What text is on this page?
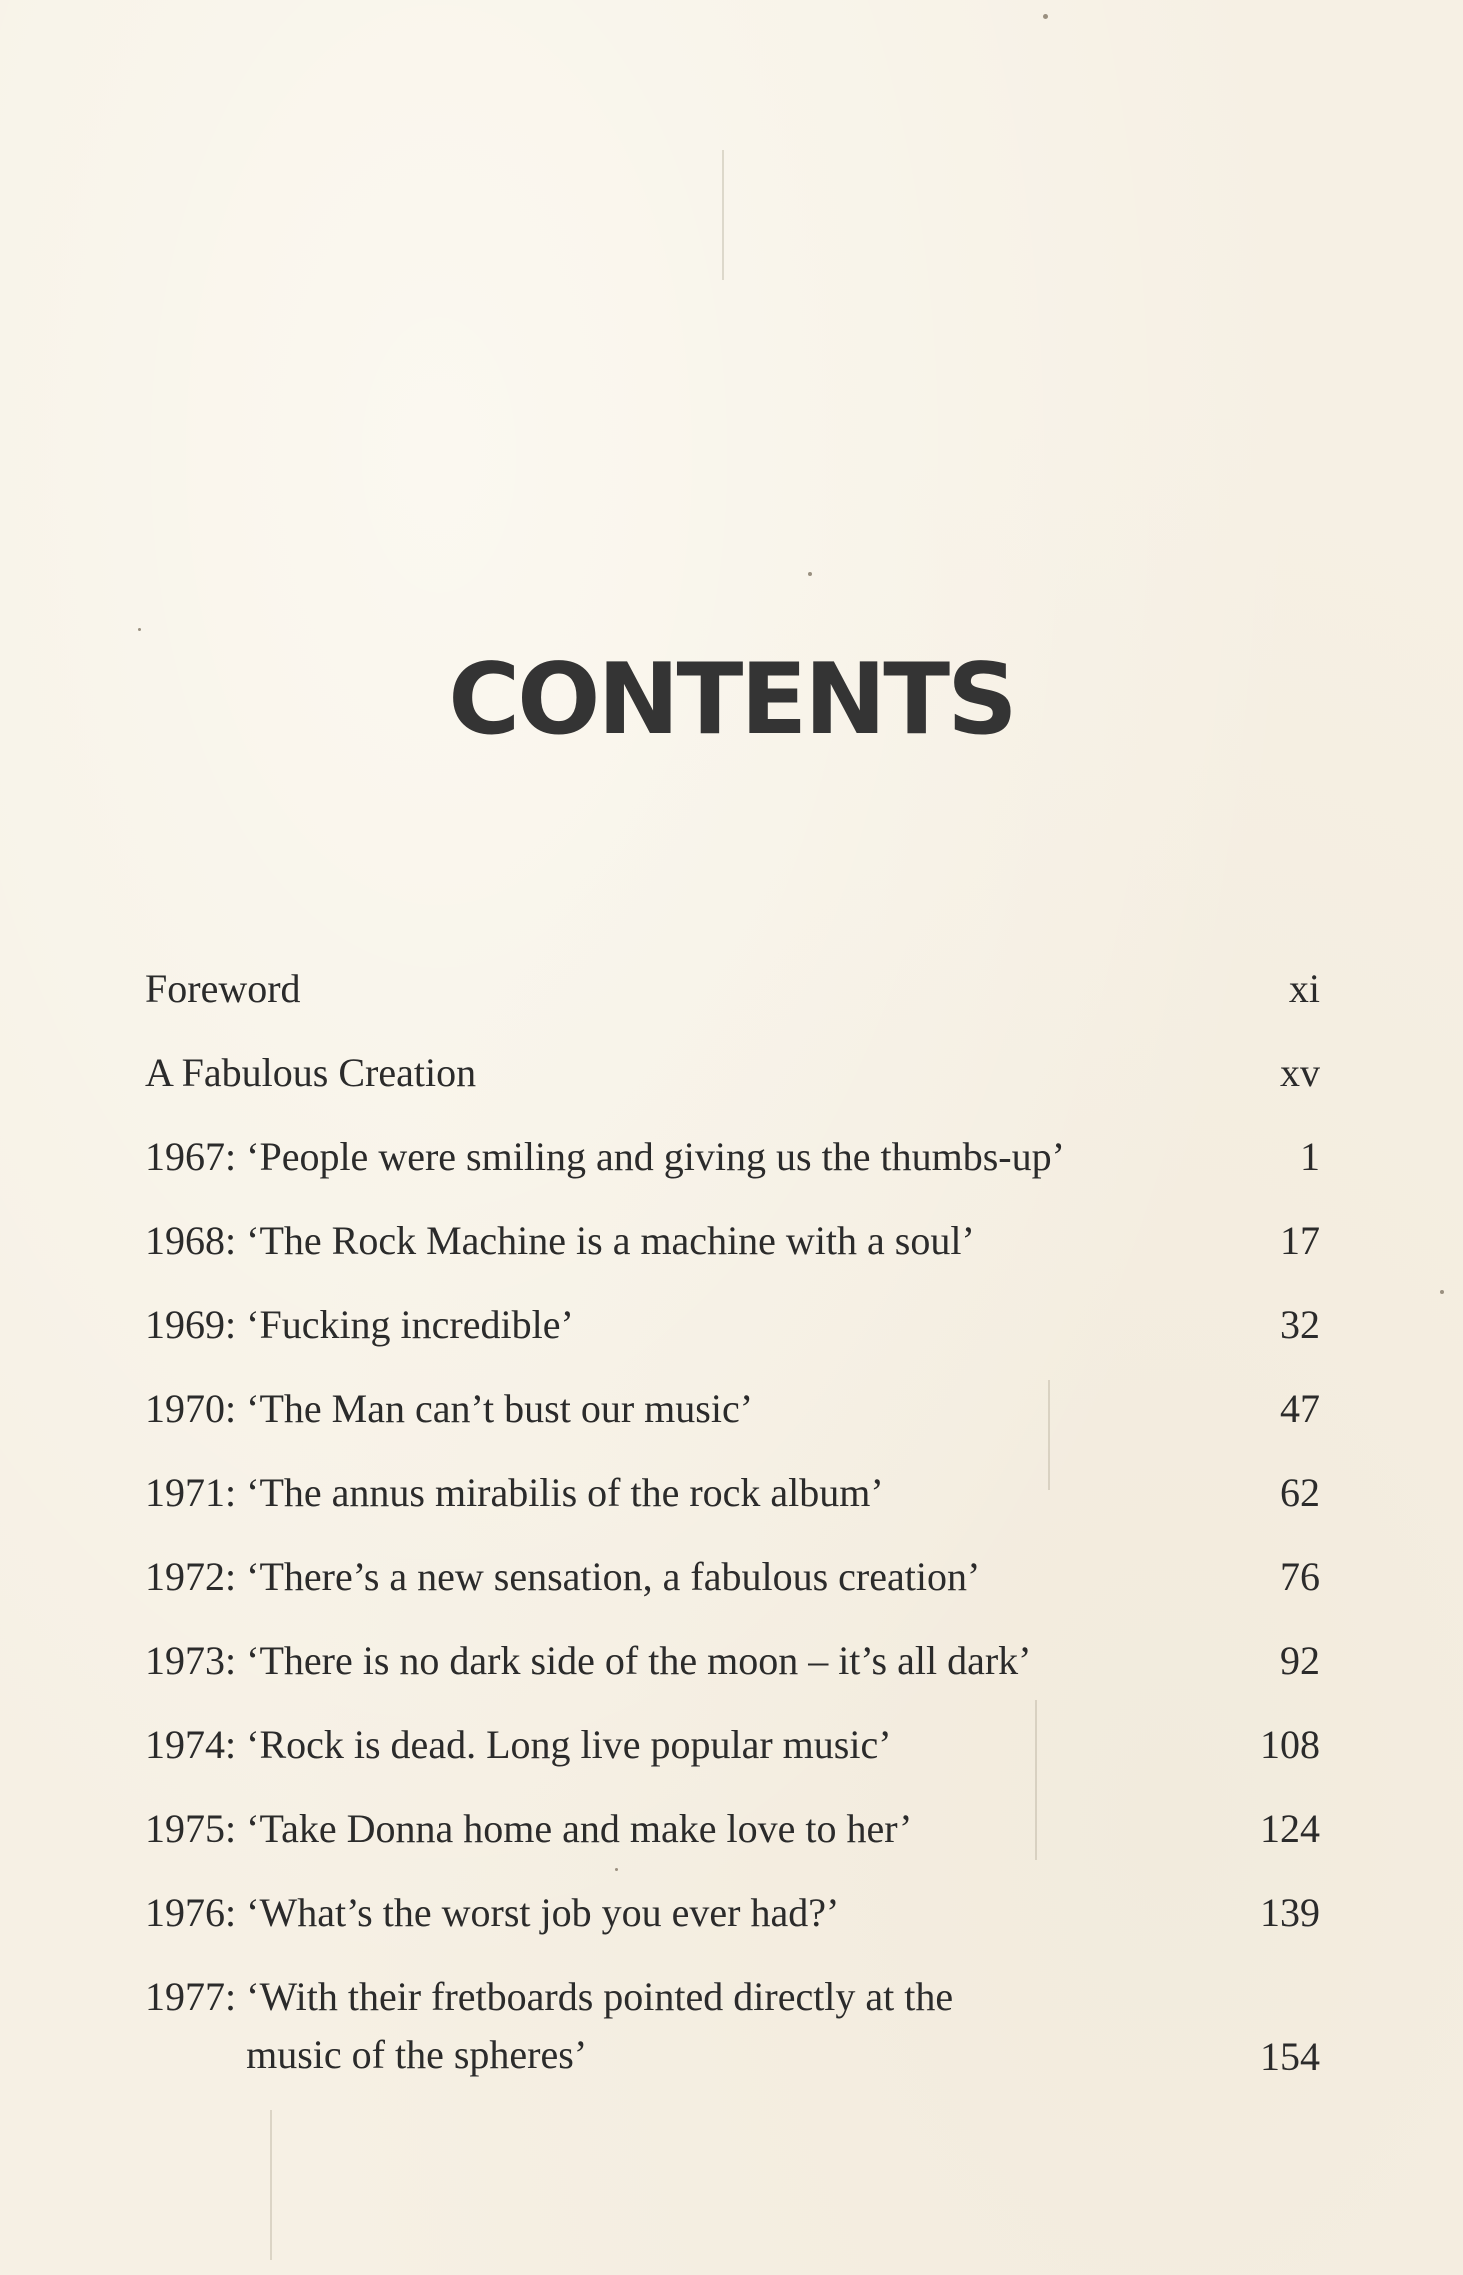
CONTENTS
Foreword	xi
A Fabulous Creation	xv
1967: ‘People were smiling and giving us the thumbs-up’	1
1968: ‘The Rock Machine is a machine with a soul’	17
1969: ‘Fucking incredible’	32
1970: ‘The Man can’t bust our music’	47
1971: ‘The annus mirabilis of the rock album’	62
1972: ‘There’s a new sensation, a fabulous creation’	76
1973: ‘There is no dark side of the moon – it’s all dark’	92
1974: ‘Rock is dead. Long live popular music’	108
1975: ‘Take Donna home and make love to her’	124
1976: ‘What’s the worst job you ever had?’	139
1977: ‘With their fretboards pointed directly at the music of the spheres’	154
